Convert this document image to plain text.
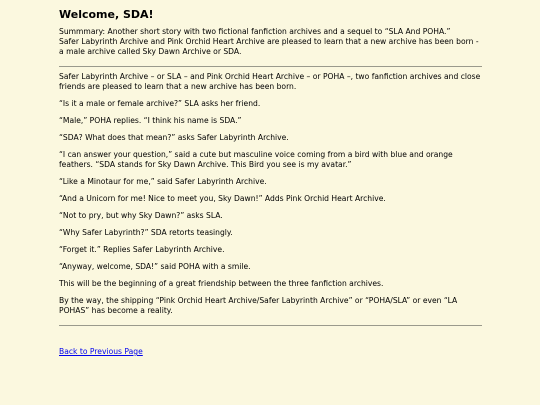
Welcome, SDA!
Summmary: Another short story with two fictional fanfiction archives and a sequel to “SLA And POHA.”
Safer Labyrinth Archive and Pink Orchid Heart Archive are pleased to learn that a new archive has been born - a male archive called Sky Dawn Archive or SDA.

Safer Labyrinth Archive – or SLA – and Pink Orchid Heart Archive – or POHA –, two fanfiction archives and close friends are pleased to learn that a new archive has been born.

“Is it a male or female archive?” SLA asks her friend.

“Male,” POHA replies. “I think his name is SDA.”

“SDA? What does that mean?” asks Safer Labyrinth Archive.

“I can answer your question,” said a cute but masculine voice coming from a bird with blue and orange feathers. “SDA stands for Sky Dawn Archive. This Bird you see is my avatar.”

“Like a Minotaur for me,” said Safer Labyrinth Archive.

“And a Unicorn for me! Nice to meet you, Sky Dawn!” Adds Pink Orchid Heart Archive.

“Not to pry, but why Sky Dawn?” asks SLA.

“Why Safer Labyrinth?” SDA retorts teasingly.

“Forget it.” Replies Safer Labyrinth Archive.

“Anyway, welcome, SDA!” said POHA with a smile.

This will be the beginning of a great friendship between the three fanfiction archives.

By the way, the shipping “Pink Orchid Heart Archive/Safer Labyrinth Archive” or “POHA/SLA” or even “LA POHAS” has become a reality.

Back to Previous Page
